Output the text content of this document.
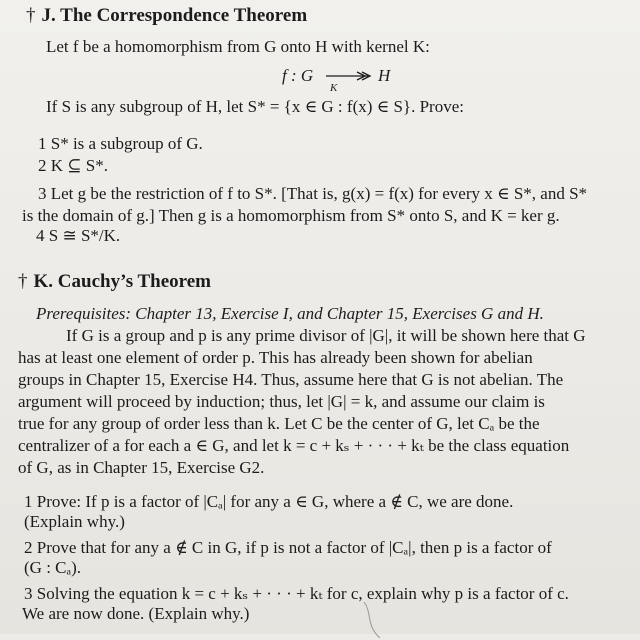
† J. The Correspondence Theorem
Let f be a homomorphism from G onto H with kernel K:
f : G
K
H
If S is any subgroup of H, let S* = {x ∈ G : f(x) ∈ S}. Prove:
1 S* is a subgroup of G.
2 K ⊆ S*.
3 Let g be the restriction of f to S*. [That is, g(x) = f(x) for every x ∈ S*, and S*
is the domain of g.] Then g is a homomorphism from S* onto S, and K = ker g.
4 S ≅ S*/K.
† K. Cauchy’s Theorem
Prerequisites: Chapter 13, Exercise I, and Chapter 15, Exercises G and H.
If G is a group and p is any prime divisor of |G|, it will be shown here that G
has at least one element of order p. This has already been shown for abelian
groups in Chapter 15, Exercise H4. Thus, assume here that G is not abelian. The
argument will proceed by induction; thus, let |G| = k, and assume our claim is
true for any group of order less than k. Let C be the center of G, let Cₐ be the
centralizer of a for each a ∈ G, and let k = c + kₛ + · · · + kₜ be the class equation
of G, as in Chapter 15, Exercise G2.
1 Prove: If p is a factor of |Cₐ| for any a ∈ G, where a ∉ C, we are done.
(Explain why.)
2 Prove that for any a ∉ C in G, if p is not a factor of |Cₐ|, then p is a factor of
(G : Cₐ).
3 Solving the equation k = c + kₛ + · · · + kₜ for c, explain why p is a factor of c.
We are now done. (Explain why.)
